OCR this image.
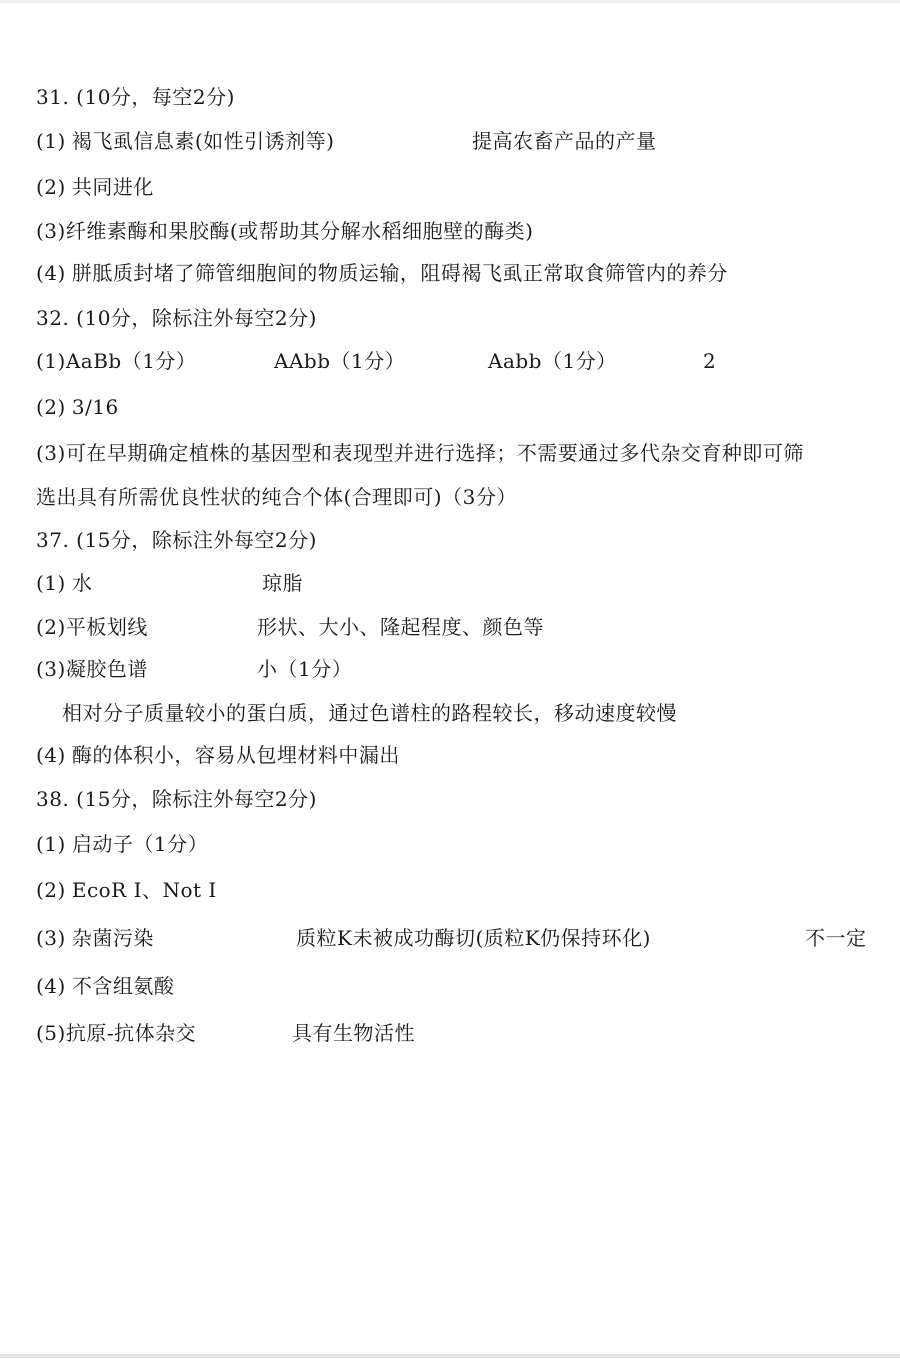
31. (10分，每空2分)
(1) 褐飞虱信息素(如性引诱剂等)	提高农畜产品的产量
(2) 共同进化
(3)纤维素酶和果胶酶(或帮助其分解水稻细胞壁的酶类)
(4) 胼胝质封堵了筛管细胞间的物质运输，阻碍褐飞虱正常取食筛管内的养分
32. (10分，除标注外每空2分)
(1)AaBb（1分）	AAbb（1分）	Aabb（1分）	2
(2) 3/16
(3)可在早期确定植株的基因型和表现型并进行选择；不需要通过多代杂交育种即可筛
选出具有所需优良性状的纯合个体(合理即可)（3分）
37. (15分，除标注外每空2分)
(1) 水	琼脂
(2)平板划线	形状、大小、隆起程度、颜色等
(3)凝胶色谱	小（1分）
相对分子质量较小的蛋白质，通过色谱柱的路程较长，移动速度较慢
(4) 酶的体积小，容易从包埋材料中漏出
38. (15分，除标注外每空2分)
(1) 启动子（1分）
(2) EcoR I、Not I
(3) 杂菌污染	质粒K未被成功酶切(质粒K仍保持环化)	不一定
(4) 不含组氨酸
(5)抗原-抗体杂交	具有生物活性
